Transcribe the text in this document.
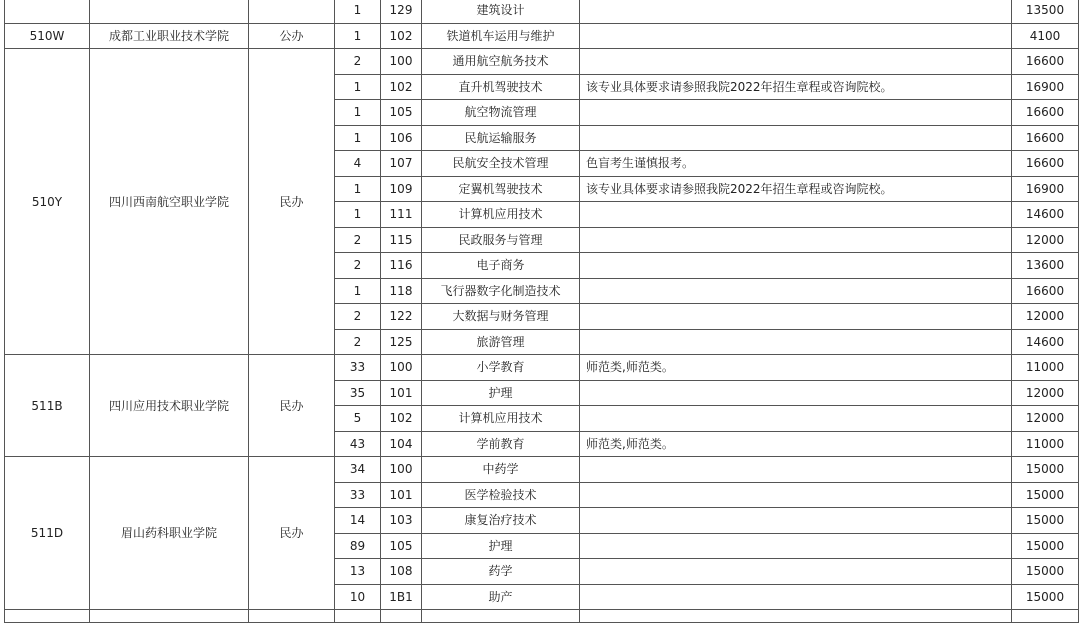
			1	129	建筑设计		13500
510W	成都工业职业技术学院	公办	1	102	铁道机车运用与维护		4100
510Y	四川西南航空职业学院	民办	2	100	通用航空航务技术		16600
			1	102	直升机驾驶技术	该专业具体要求请参照我院2022年招生章程或咨询院校。	16900
			1	105	航空物流管理		16600
			1	106	民航运输服务		16600
			4	107	民航安全技术管理	色盲考生谨慎报考。	16600
			1	109	定翼机驾驶技术	该专业具体要求请参照我院2022年招生章程或咨询院校。	16900
			1	111	计算机应用技术		14600
			2	115	民政服务与管理		12000
			2	116	电子商务		13600
			1	118	飞行器数字化制造技术		16600
			2	122	大数据与财务管理		12000
			2	125	旅游管理		14600
511B	四川应用技术职业学院	民办	33	100	小学教育	师范类,师范类。	11000
			35	101	护理		12000
			5	102	计算机应用技术		12000
			43	104	学前教育	师范类,师范类。	11000
511D	眉山药科职业学院	民办	34	100	中药学		15000
			33	101	医学检验技术		15000
			14	103	康复治疗技术		15000
			89	105	护理		15000
			13	108	药学		15000
			10	1B1	助产		15000
